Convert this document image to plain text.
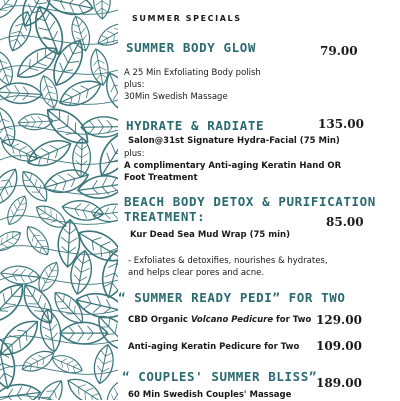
SUMMER SPECIALS
SUMMER BODY GLOW	79.00
A 25 Min Exfoliating Body polish
plus:
30Min Swedish Massage
HYDRATE & RADIATE	135.00
Salon@31st Signature Hydra-Facial (75 Min)
plus:
A complimentary Anti-aging Keratin Hand OR
Foot Treatment
BEACH BODY DETOX & PURIFICATION
TREATMENT:	85.00
Kur Dead Sea Mud Wrap (75 min)
- Exfoliates & detoxifies, nourishes & hydrates,
and helps clear pores and acne.
“ SUMMER READY PEDI” FOR TWO
CBD Organic Volcano Pedicure for Two 129.00
Anti-aging Keratin Pedicure for Two 109.00
“ COUPLES' SUMMER BLISS”
189.00
60 Min Swedish Couples' Massage
